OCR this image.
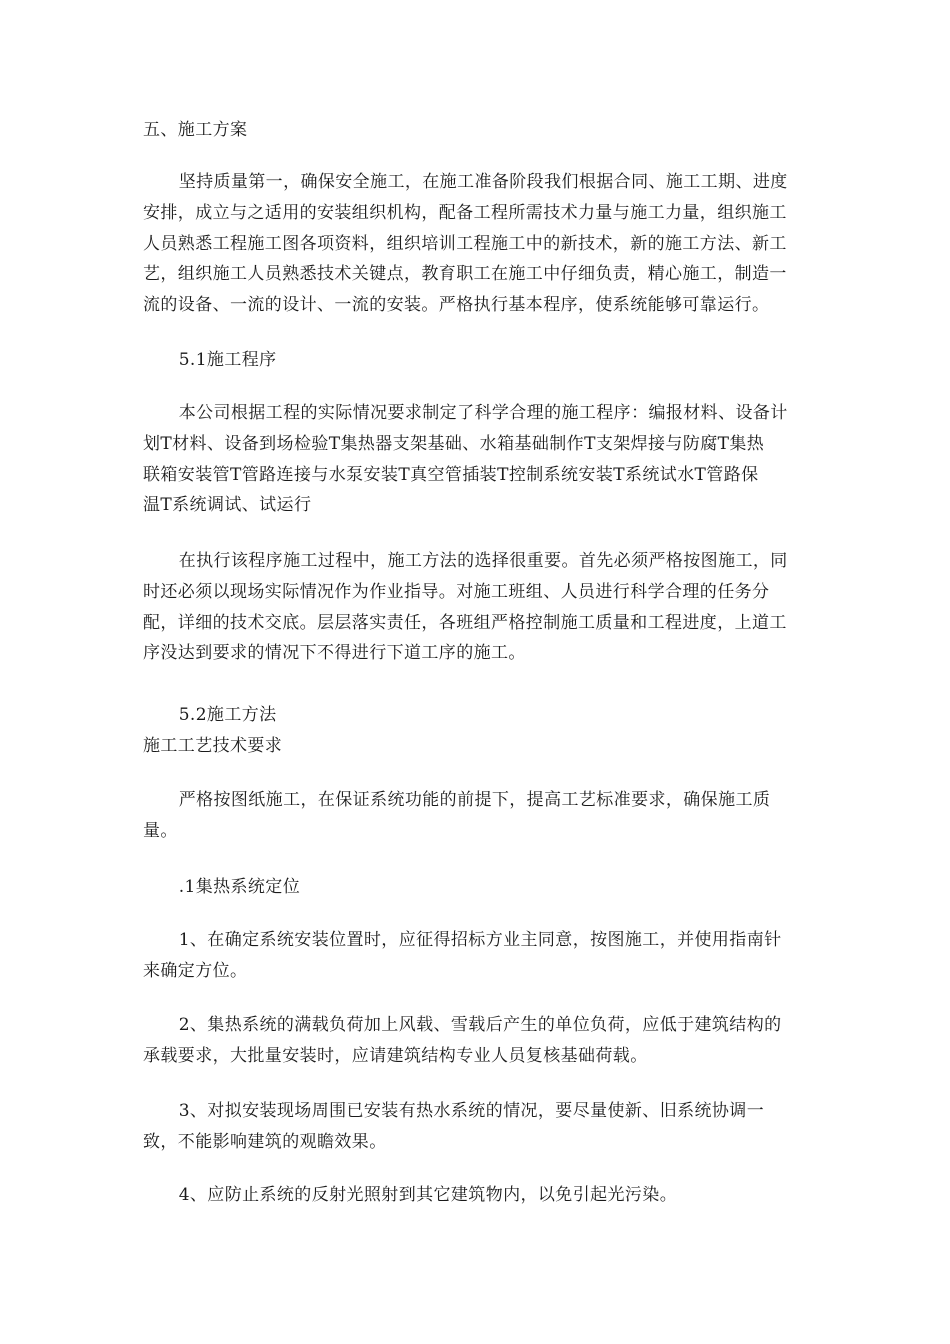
五、施工方案

坚持质量第一，确保安全施工，在施工准备阶段我们根据合同、施工工期、进度
安排，成立与之适用的安装组织机构，配备工程所需技术力量与施工力量，组织施工
人员熟悉工程施工图各项资料，组织培训工程施工中的新技术，新的施工方法、新工
艺，组织施工人员熟悉技术关键点，教育职工在施工中仔细负责，精心施工，制造一
流的设备、一流的设计、一流的安装。严格执行基本程序，使系统能够可靠运行。

5.1施工程序

本公司根据工程的实际情况要求制定了科学合理的施工程序：编报材料、设备计
划T材料、设备到场检验T集热器支架基础、水箱基础制作T支架焊接与防腐T集热
联箱安装管T管路连接与水泵安装T真空管插装T控制系统安装T系统试水T管路保
温T系统调试、试运行

在执行该程序施工过程中，施工方法的选择很重要。首先必须严格按图施工，同
时还必须以现场实际情况作为作业指导。对施工班组、人员进行科学合理的任务分
配，详细的技术交底。层层落实责任，各班组严格控制施工质量和工程进度，上道工
序没达到要求的情况下不得进行下道工序的施工。

5.2施工方法

施工工艺技术要求

严格按图纸施工，在保证系统功能的前提下，提高工艺标准要求，确保施工质
量。

.1集热系统定位

1、在确定系统安装位置时，应征得招标方业主同意，按图施工，并使用指南针
来确定方位。

2、集热系统的满载负荷加上风载、雪载后产生的单位负荷，应低于建筑结构的
承载要求，大批量安装时，应请建筑结构专业人员复核基础荷载。

3、对拟安装现场周围已安装有热水系统的情况，要尽量使新、旧系统协调一
致，不能影响建筑的观瞻效果。

4、应防止系统的反射光照射到其它建筑物内，以免引起光污染。
